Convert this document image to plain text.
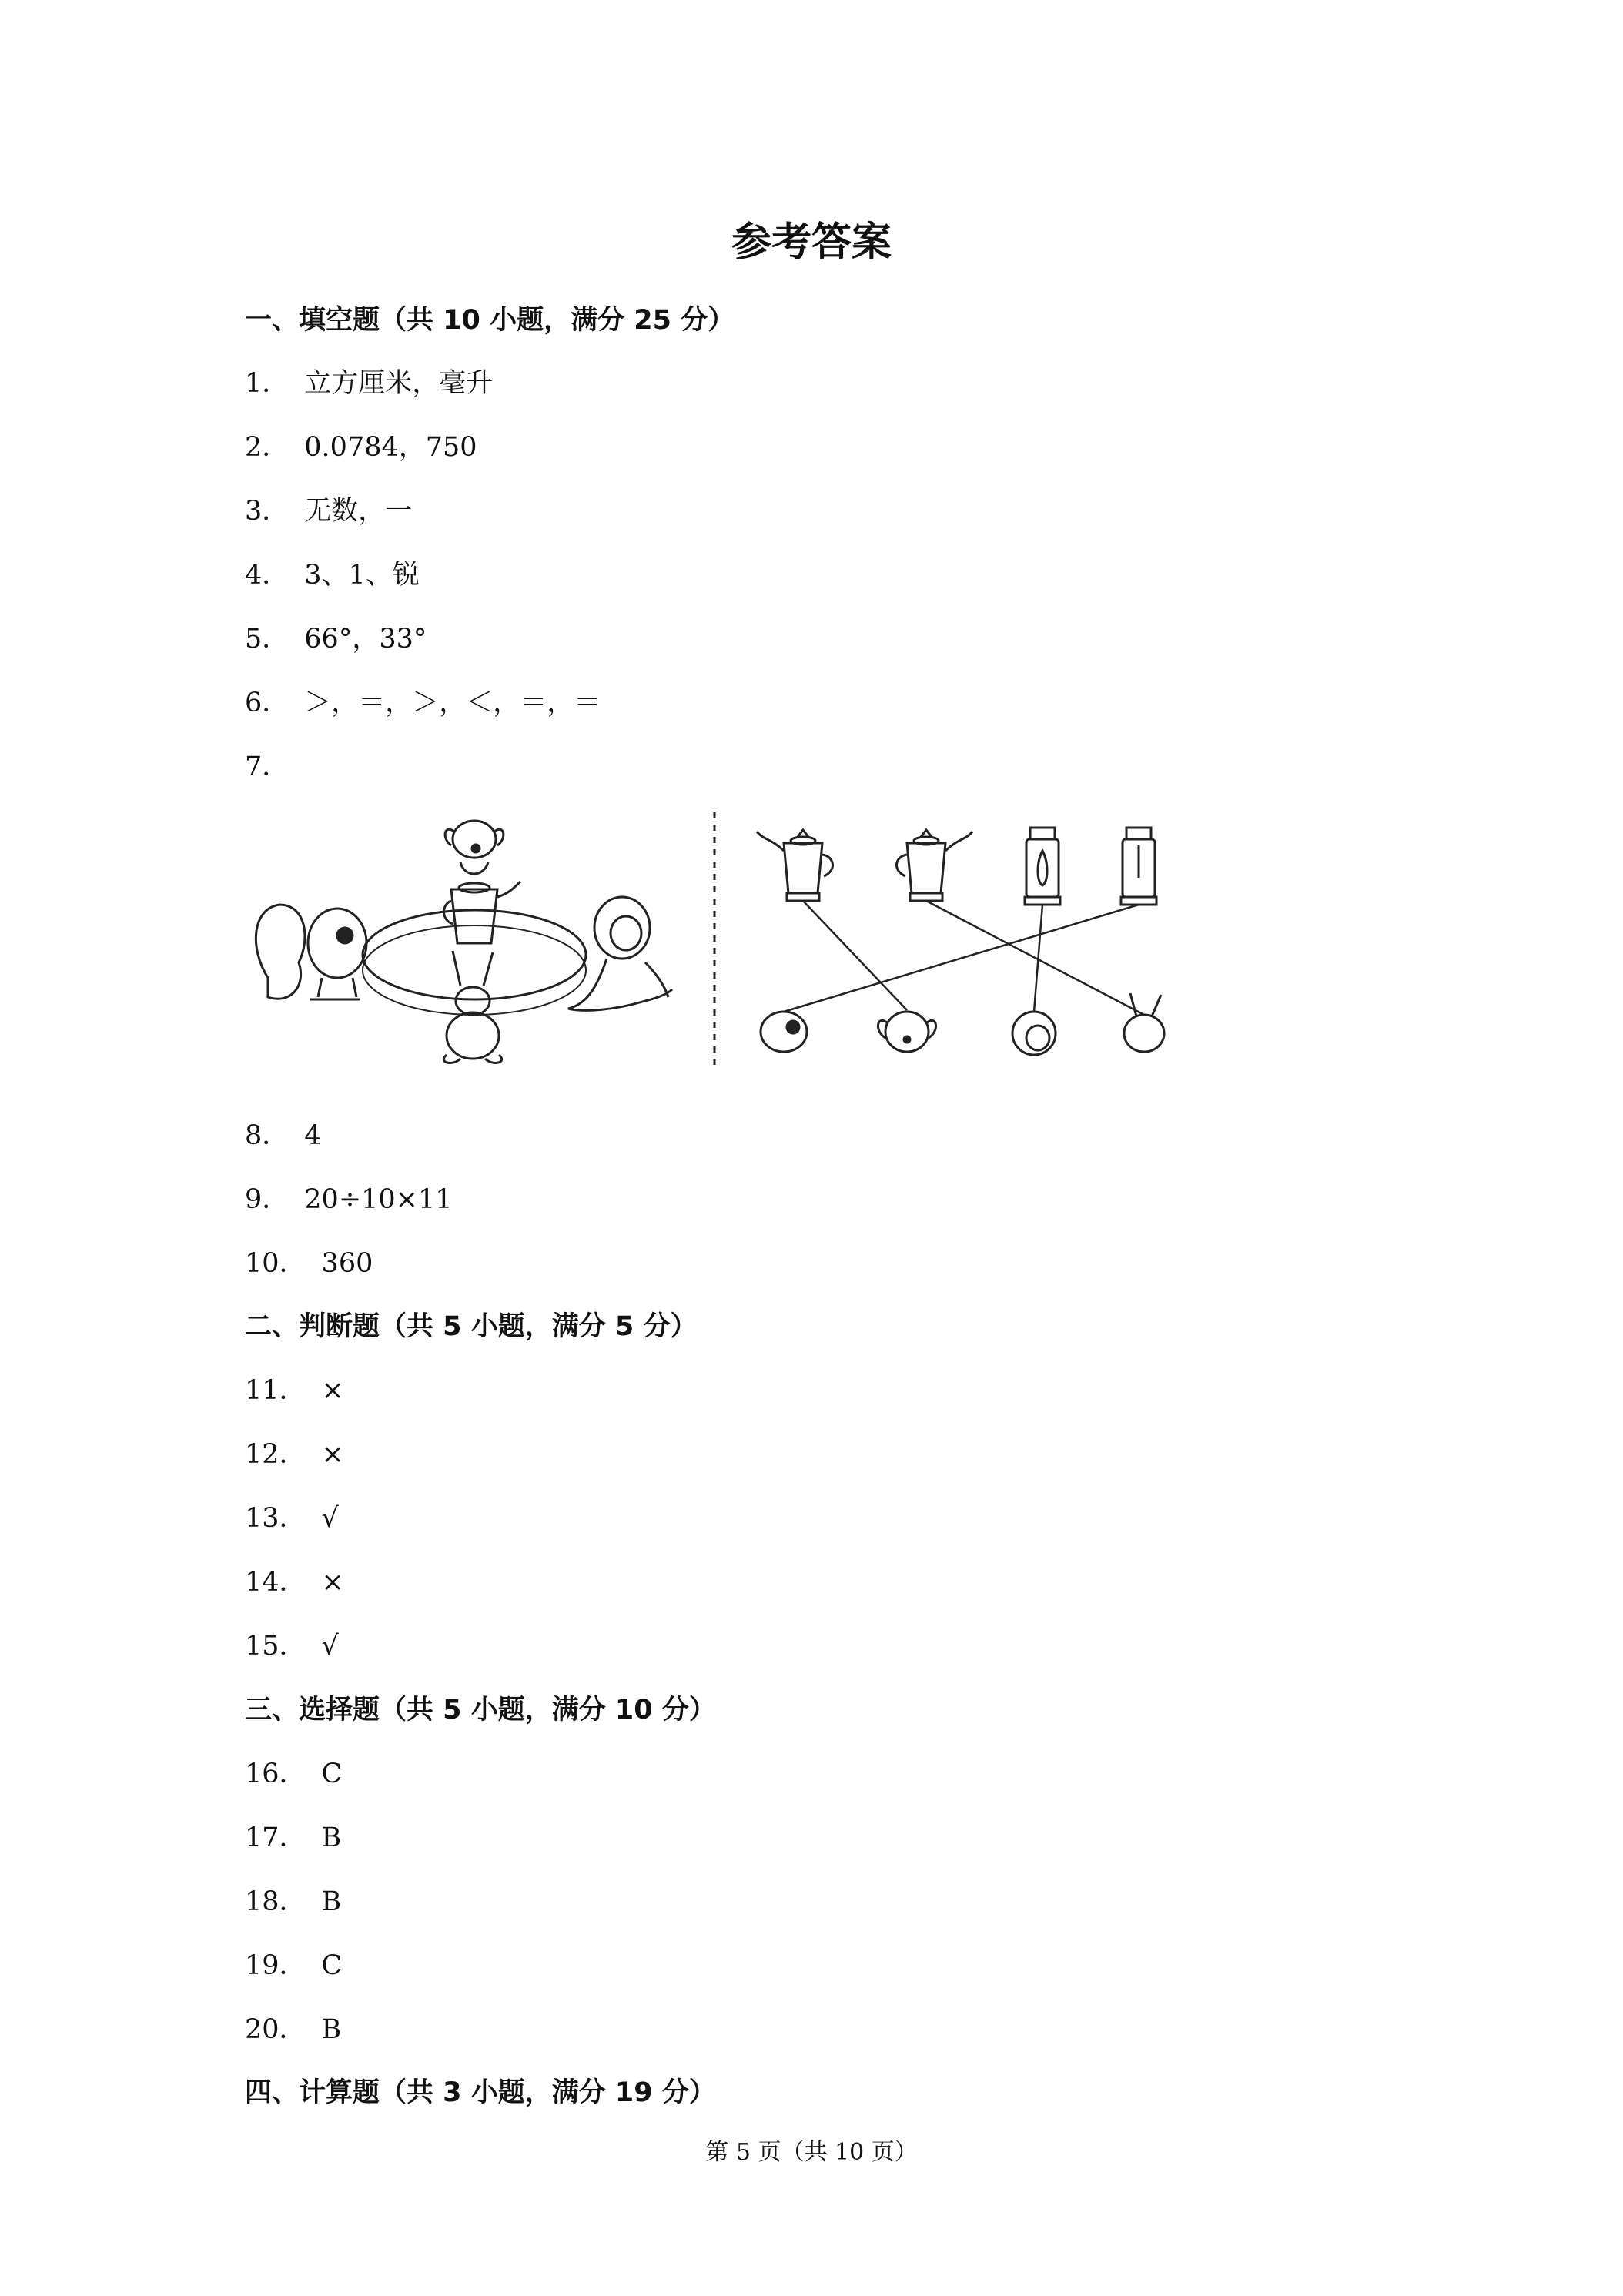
参考答案
一、填空题（共 10 小题，满分 25 分）
1． 立方厘米，毫升
2． 0.0784，750
3． 无数，一
4． 3、1、锐
5． 66°，33°
6． ＞，＝，＞，＜，＝，＝
7．
8． 4
9． 20÷10×11
10． 360
二、判断题（共 5 小题，满分 5 分）
11． ×
12． ×
13． √
14． ×
15． √
三、选择题（共 5 小题，满分 10 分）
16． C
17． B
18． B
19． C
20． B
四、计算题（共 3 小题，满分 19 分）
第 5 页（共 10 页）
